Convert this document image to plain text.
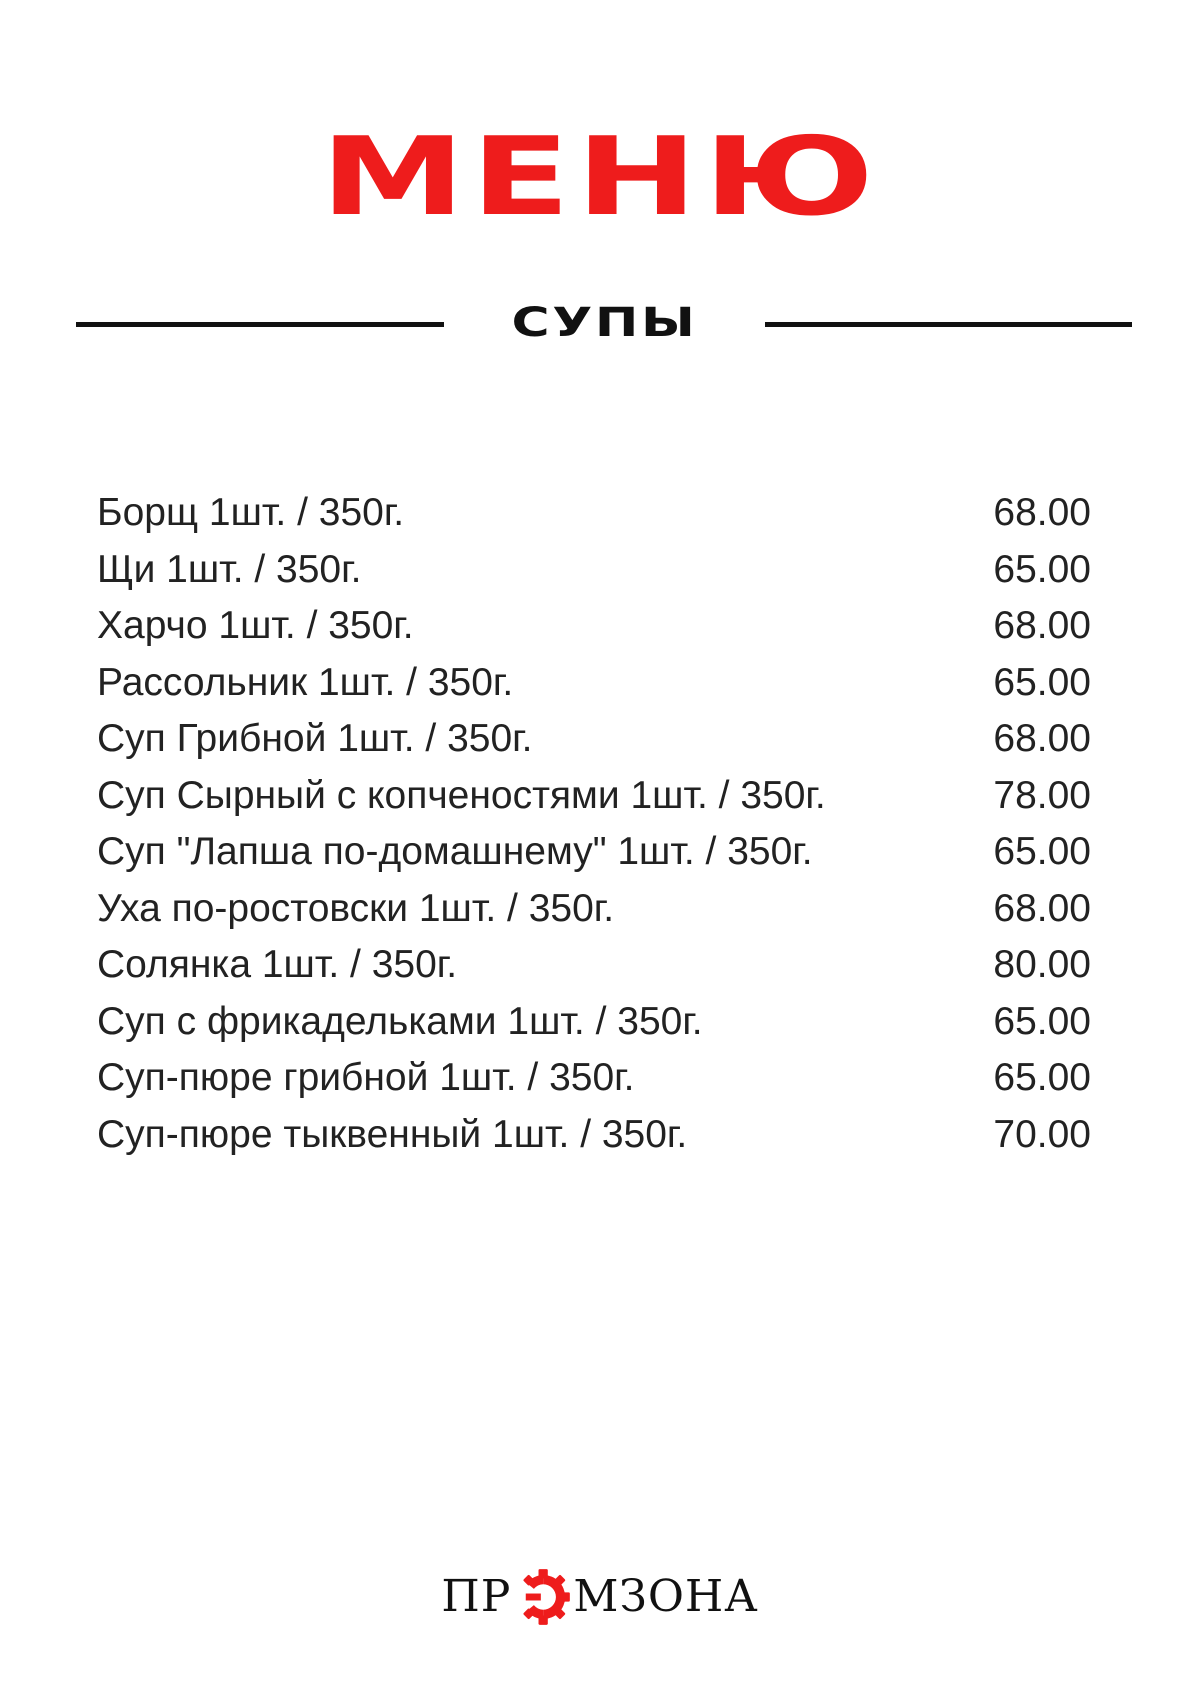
МЕНЮ
СУПЫ
Борщ 1шт. / 350г.	68.00
Щи 1шт. / 350г.	65.00
Харчо 1шт. / 350г.	68.00
Рассольник 1шт. / 350г.	65.00
Суп Грибной 1шт. / 350г.	68.00
Суп Сырный с копченостями 1шт. / 350г.	78.00
Суп "Лапша по-домашнему" 1шт. / 350г.	65.00
Уха по-ростовски 1шт. / 350г.	68.00
Солянка 1шт. / 350г.	80.00
Суп с фрикадельками 1шт. / 350г.	65.00
Суп-пюре грибной 1шт. / 350г.	65.00
Суп-пюре тыквенный 1шт. / 350г.	70.00
ПР МЗОНА
